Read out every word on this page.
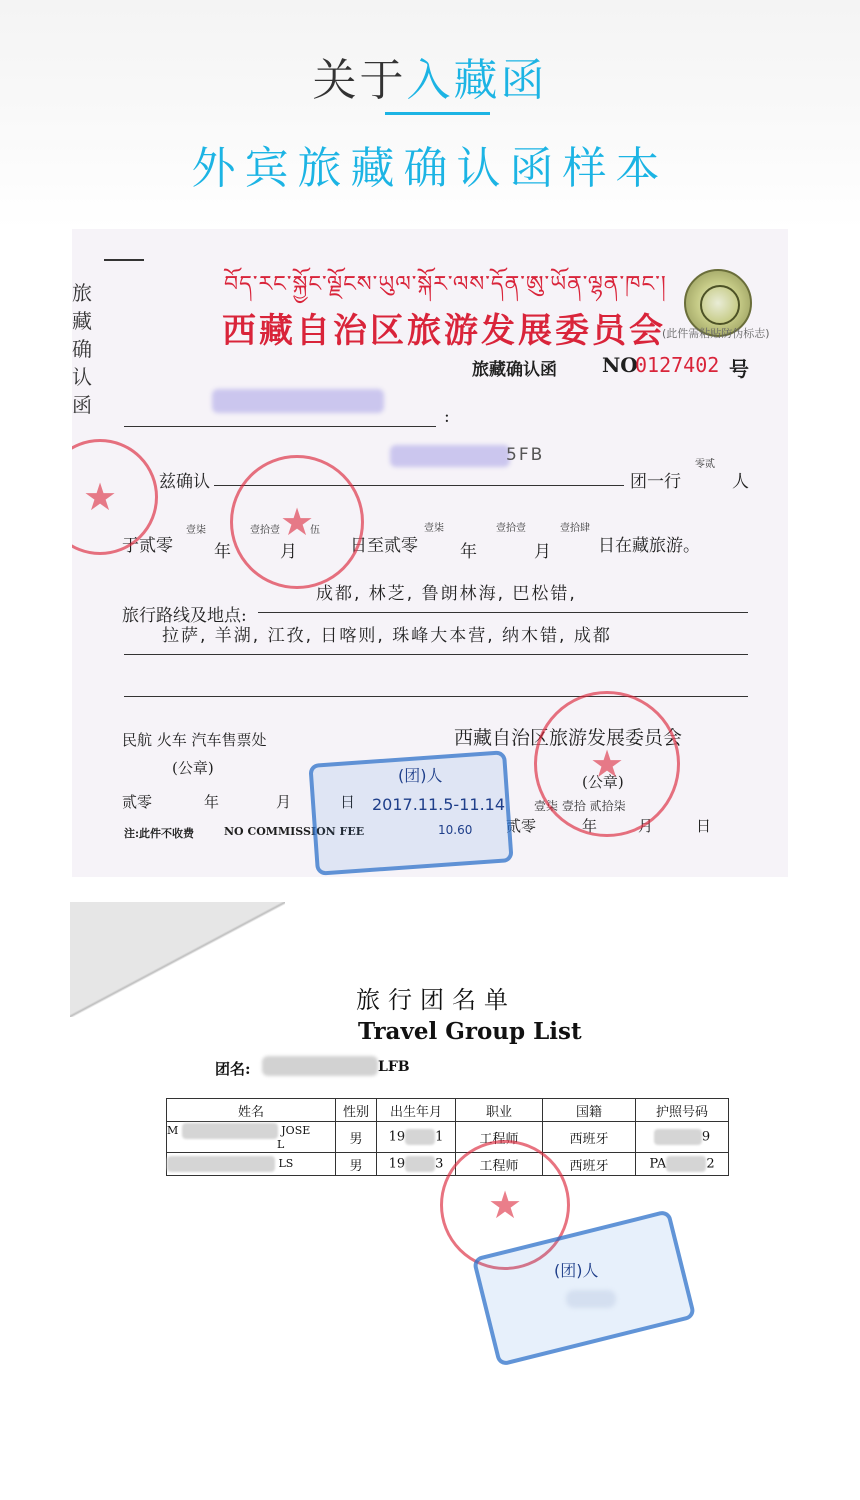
关于入藏函
外宾旅藏确认函样本
旅藏确认函
བོད་རང་སྐྱོང་ལྗོངས་ཡུལ་སྐོར་ལས་དོན་ཨུ་ཡོན་ལྷན་ཁང་།
西藏自治区旅游发展委员会
(此件需粘贴防伪标志)
旅藏确认函 NO
0127402 号
:
5FB
兹确认	团一行
零贰
人
于贰零
壹柒
年
壹拾壹
月
伍
日至贰零
壹柒
年
壹拾壹
月
壹拾肆
日在藏旅游。
成都, 林芝, 鲁朗林海, 巴松错,
旅行路线及地点:
拉萨, 羊湖, 江孜, 日喀则, 珠峰大本营, 纳木错, 成都
民航 火车 汽车售票处
(公章)
西藏自治区旅游发展委员会
(公章)
贰零	年	月	日	壹柒 壹拾 贰拾柒
贰零	年	月	日
注:此件不收费	NO COMMISSION FEE
★
★
★
(团)人
2017.11.5-11.14
10.60
旅行团名单
Travel Group List
团名:	LFB
姓名	性别	出生年月	职业	国籍	护照号码
M JOSE
L	男	19 1	工程师	西班牙	9
LS	男	19 3	工程师	西班牙	PA 2
★
(团)人
